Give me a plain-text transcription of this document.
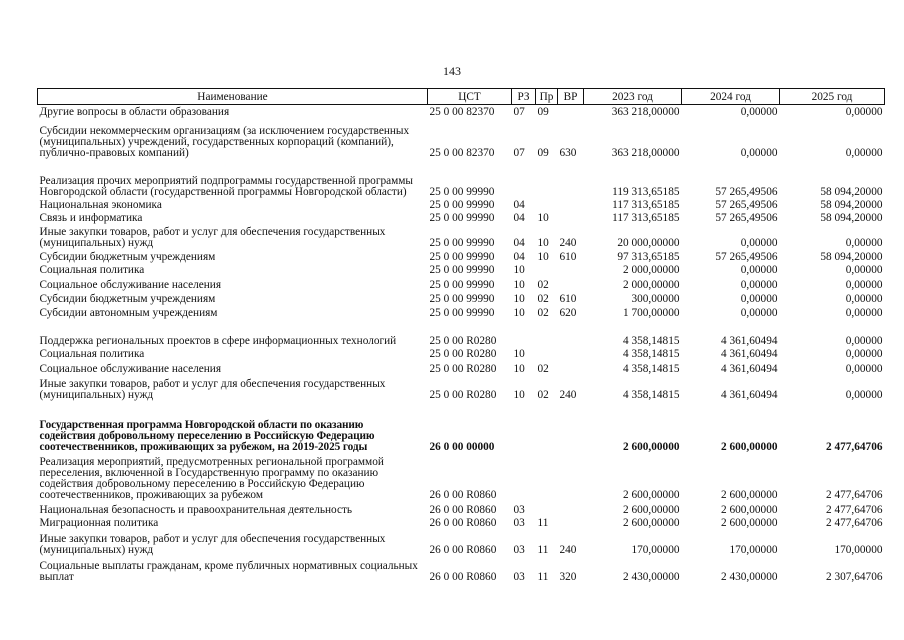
143
Наименование	ЦСТ	РЗ	Пр	ВР	2023 год	2024 год	2025 год
Другие вопросы в области образования	25 0 00 82370	07	09		363 218,00000	0,00000	0,00000
Субсидии некоммерческим организациям (за исключением государственных (муниципальных) учреждений, государственных корпораций (компаний), публично-правовых компаний)	25 0 00 82370	07	09	630	363 218,00000	0,00000	0,00000
Реализация прочих мероприятий подпрограммы государственной программы Новгородской области (государственной программы Новгородской области)	25 0 00 99990				119 313,65185	57 265,49506	58 094,20000
Национальная экономика	25 0 00 99990	04			117 313,65185	57 265,49506	58 094,20000
Связь и информатика	25 0 00 99990	04	10		117 313,65185	57 265,49506	58 094,20000
Иные закупки товаров, работ и услуг для обеспечения государственных (муниципальных) нужд	25 0 00 99990	04	10	240	20 000,00000	0,00000	0,00000
Субсидии бюджетным учреждениям	25 0 00 99990	04	10	610	97 313,65185	57 265,49506	58 094,20000
Социальная политика	25 0 00 99990	10			2 000,00000	0,00000	0,00000
Социальное обслуживание населения	25 0 00 99990	10	02		2 000,00000	0,00000	0,00000
Субсидии бюджетным учреждениям	25 0 00 99990	10	02	610	300,00000	0,00000	0,00000
Субсидии автономным учреждениям	25 0 00 99990	10	02	620	1 700,00000	0,00000	0,00000
Поддержка региональных проектов в сфере информационных технологий	25 0 00 R0280				4 358,14815	4 361,60494	0,00000
Социальная политика	25 0 00 R0280	10			4 358,14815	4 361,60494	0,00000
Социальное обслуживание населения	25 0 00 R0280	10	02		4 358,14815	4 361,60494	0,00000
Иные закупки товаров, работ и услуг для обеспечения государственных (муниципальных) нужд	25 0 00 R0280	10	02	240	4 358,14815	4 361,60494	0,00000
Государственная программа Новгородской области по оказанию содействия добровольному переселению в Российскую Федерацию соотечественников, проживающих за рубежом, на 2019-2025 годы	26 0 00 00000				2 600,00000	2 600,00000	2 477,64706
Реализация мероприятий, предусмотренных региональной программой переселения, включенной в Государственную программу по оказанию содействия добровольному переселению в Российскую Федерацию соотечественников, проживающих за рубежом	26 0 00 R0860				2 600,00000	2 600,00000	2 477,64706
Национальная безопасность и правоохранительная деятельность	26 0 00 R0860	03			2 600,00000	2 600,00000	2 477,64706
Миграционная политика	26 0 00 R0860	03	11		2 600,00000	2 600,00000	2 477,64706
Иные закупки товаров, работ и услуг для обеспечения государственных (муниципальных) нужд	26 0 00 R0860	03	11	240	170,00000	170,00000	170,00000
Социальные выплаты гражданам, кроме публичных нормативных социальных выплат	26 0 00 R0860	03	11	320	2 430,00000	2 430,00000	2 307,64706
